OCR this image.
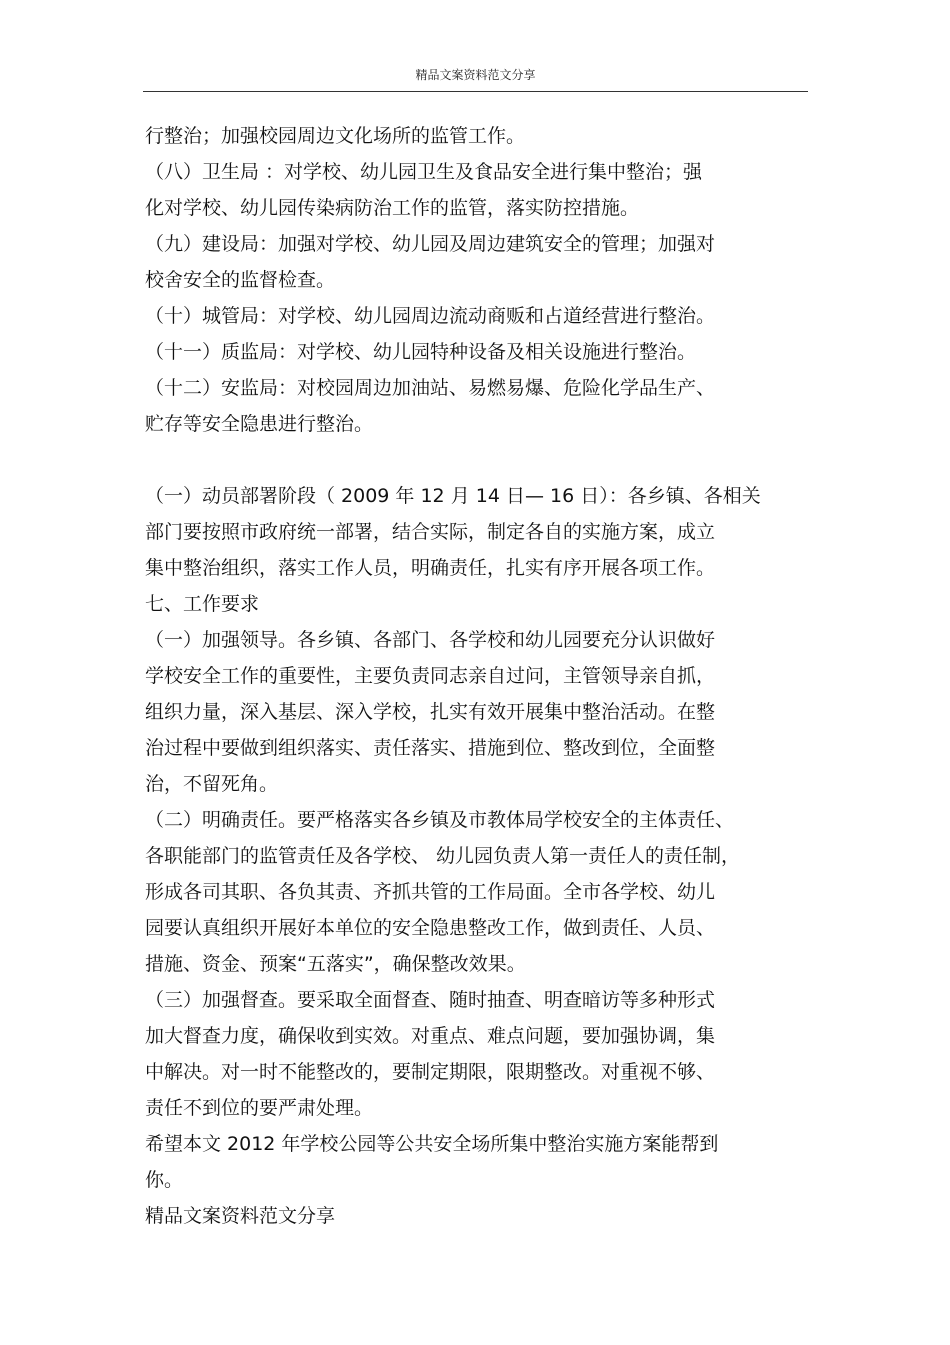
精品文案资料范文分享
行整治；加强校园周边文化场所的监管工作。
（八）卫生局 ：对学校、幼儿园卫生及食品安全进行集中整治；强
化对学校、幼儿园传染病防治工作的监管，落实防控措施。
（九）建设局：加强对学校、幼儿园及周边建筑安全的管理；加强对
校舍安全的监督检查。
（十）城管局：对学校、幼儿园周边流动商贩和占道经营进行整治。
（十一）质监局：对学校、幼儿园特种设备及相关设施进行整治。
（十二）安监局：对校园周边加油站、易燃易爆、危险化学品生产、
贮存等安全隐患进行整治。
（一）动员部署阶段（ 2009 年 12 月 14 日— 16 日）：各乡镇、各相关
部门要按照市政府统一部署，结合实际，制定各自的实施方案，成立
集中整治组织，落实工作人员，明确责任，扎实有序开展各项工作。
七、工作要求
（一）加强领导。各乡镇、各部门、各学校和幼儿园要充分认识做好
学校安全工作的重要性，主要负责同志亲自过问，主管领导亲自抓，
组织力量，深入基层、深入学校，扎实有效开展集中整治活动。在整
治过程中要做到组织落实、责任落实、措施到位、整改到位，全面整
治，不留死角。
（二）明确责任。要严格落实各乡镇及市教体局学校安全的主体责任、
各职能部门的监管责任及各学校、 幼儿园负责人第一责任人的责任制，
形成各司其职、各负其责、齐抓共管的工作局面。全市各学校、幼儿
园要认真组织开展好本单位的安全隐患整改工作，做到责任、人员、
措施、资金、预案“五落实”，确保整改效果。
（三）加强督查。要采取全面督查、随时抽查、明查暗访等多种形式
加大督查力度，确保收到实效。对重点、难点问题，要加强协调，集
中解决。对一时不能整改的，要制定期限，限期整改。对重视不够、
责任不到位的要严肃处理。
希望本文 2012 年学校公园等公共安全场所集中整治实施方案能帮到
你。
精品文案资料范文分享
